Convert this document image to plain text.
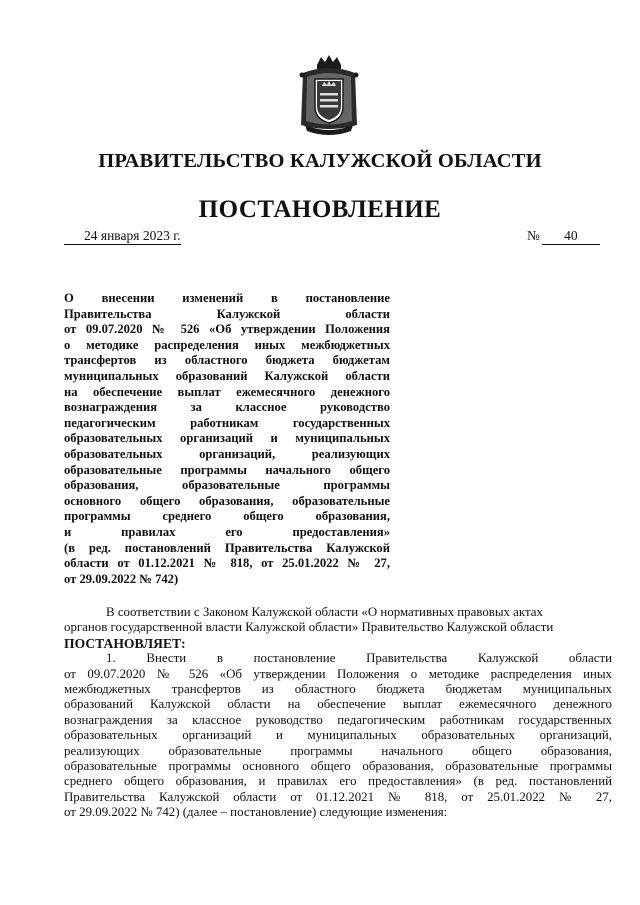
ПРАВИТЕЛЬСТВО КАЛУЖСКОЙ ОБЛАСТИ
ПОСТАНОВЛЕНИЕ
24 января 2023 г.	№ 40
О внесении изменений в постановление
Правительства Калужской области
от 09.07.2020 № 526 «Об утверждении Положения
о методике распределения иных межбюджетных
трансфертов из областного бюджета бюджетам
муниципальных образований Калужской области
на обеспечение выплат ежемесячного денежного
вознаграждения за классное руководство
педагогическим работникам государственных
образовательных организаций и муниципальных
образовательных организаций, реализующих
образовательные программы начального общего
образования, образовательные программы
основного общего образования, образовательные
программы среднего общего образования,
и правилах его предоставления»
(в ред. постановлений Правительства Калужской
области от 01.12.2021 № 818, от 25.01.2022 № 27,
от 29.09.2022 № 742)
В соответствии с Законом Калужской области «О нормативных правовых актах
органов государственной власти Калужской области» Правительство Калужской области
ПОСТАНОВЛЯЕТ:
1. Внести в постановление Правительства Калужской области
от 09.07.2020 № 526 «Об утверждении Положения о методике распределения иных
межбюджетных трансфертов из областного бюджета бюджетам муниципальных
образований Калужской области на обеспечение выплат ежемесячного денежного
вознаграждения за классное руководство педагогическим работникам государственных
образовательных организаций и муниципальных образовательных организаций,
реализующих образовательные программы начального общего образования,
образовательные программы основного общего образования, образовательные программы
среднего общего образования, и правилах его предоставления» (в ред. постановлений
Правительства Калужской области от 01.12.2021 № 818, от 25.01.2022 № 27,
от 29.09.2022 № 742) (далее – постановление) следующие изменения:
